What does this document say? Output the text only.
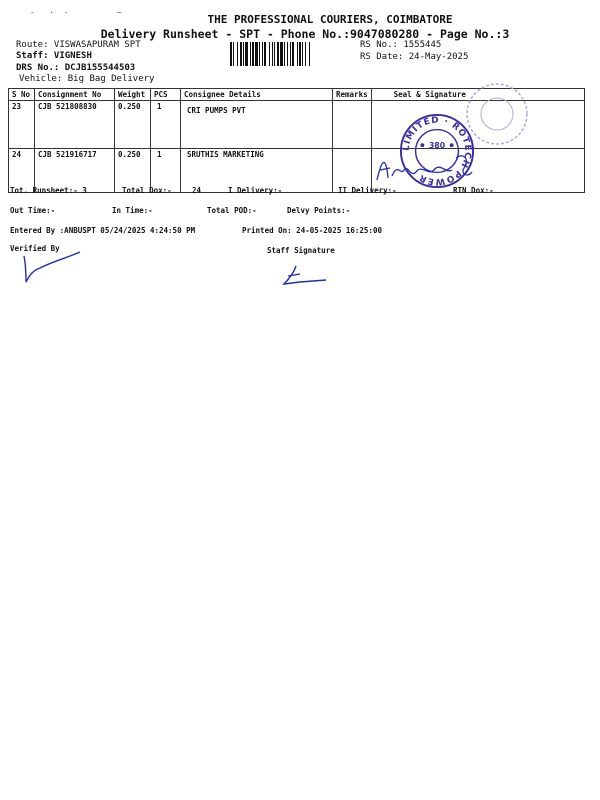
-   ·  -          ~
THE PROFESSIONAL COURIERS, COIMBATORE
Delivery Runsheet - SPT - Phone No.:9047080280 - Page No.:3
Route: VISWASAPURAM SPT
Staff: VIGNESH
DRS No.: DCJB155544503
Vehicle: Big Bag Delivery
RS No.: 1555445
RS Date: 24-May-2025
S No	Consignment No	Weight	PCS	Consignee Details	Remarks	Seal & Signature
23	CJB 521808830	0.250	1	CRI PUMPS PVT		
24	CJB 521916717	0.250	1	SRUTHIS MARKETING		
LIMITED · ROTECH POWER
380
Tot. Runsheet:- 3	Total Dox:-	24	I Delivery:-	II Delivery:-	RTN Dox:-
Out Time:-	In Time:-	Total POD:-	Delvy Points:-
Entered By :ANBUSPT 05/24/2025 4:24:50 PM	Printed On: 24-05-2025 16:25:00
Verified By	Staff Signature
